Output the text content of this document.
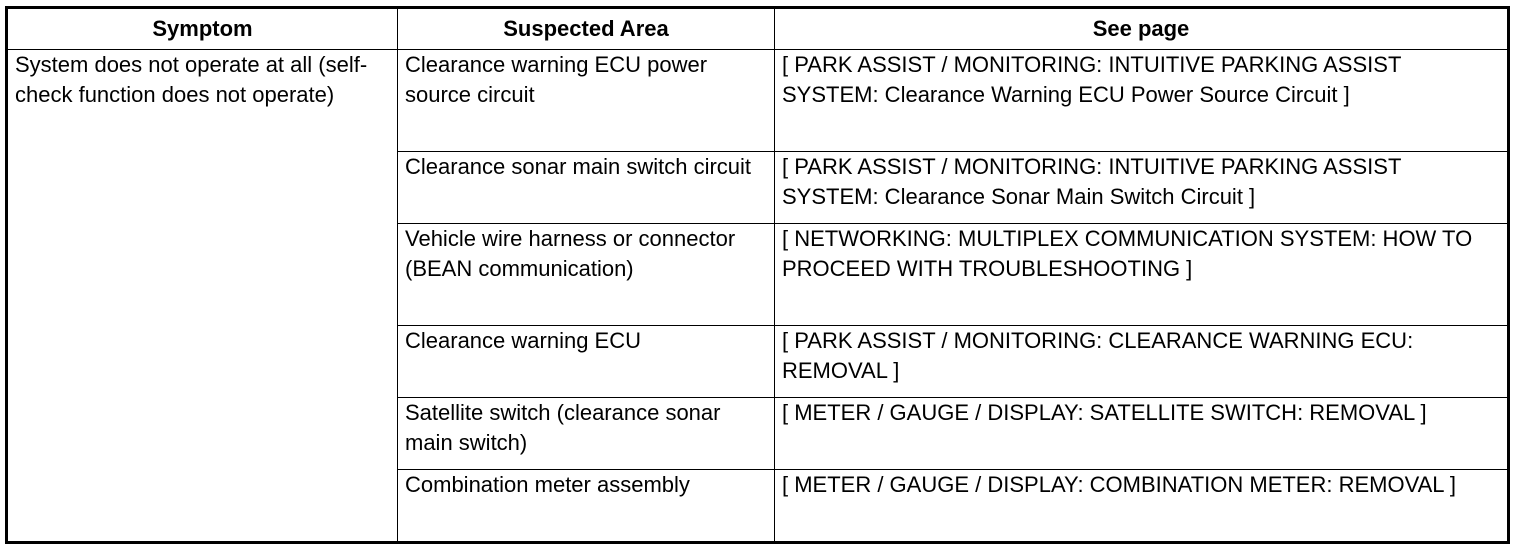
Symptom	Suspected Area	See page
System does not operate at all (self-check function does not operate)	Clearance warning ECU power source circuit	[ PARK ASSIST / MONITORING: INTUITIVE PARKING ASSIST SYSTEM: Clearance Warning ECU Power Source Circuit ]
	Clearance sonar main switch circuit	[ PARK ASSIST / MONITORING: INTUITIVE PARKING ASSIST SYSTEM: Clearance Sonar Main Switch Circuit ]
	Vehicle wire harness or connector (BEAN communication)	[ NETWORKING: MULTIPLEX COMMUNICATION SYSTEM: HOW TO PROCEED WITH TROUBLESHOOTING ]
	Clearance warning ECU	[ PARK ASSIST / MONITORING: CLEARANCE WARNING ECU: REMOVAL ]
	Satellite switch (clearance sonar main switch)	[ METER / GAUGE / DISPLAY: SATELLITE SWITCH: REMOVAL ]
	Combination meter assembly	[ METER / GAUGE / DISPLAY: COMBINATION METER: REMOVAL ]
